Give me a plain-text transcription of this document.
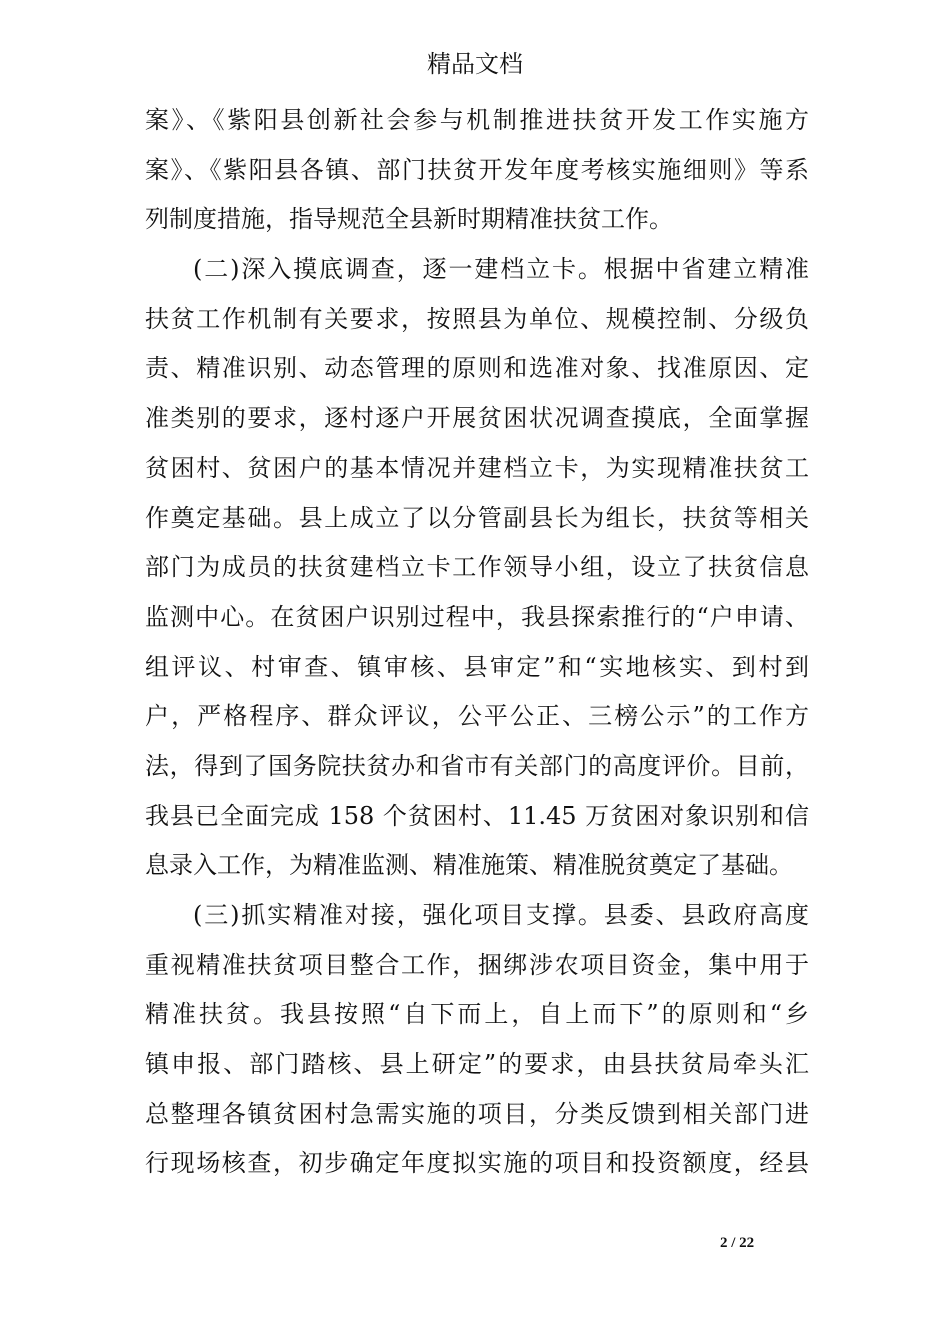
精品文档
案》、《紫阳县创新社会参与机制推进扶贫开发工作实施方
案》、《紫阳县各镇、部门扶贫开发年度考核实施细则》等系
列制度措施，指导规范全县新时期精准扶贫工作。
(二)深入摸底调查，逐一建档立卡。根据中省建立精准
扶贫工作机制有关要求，按照县为单位、规模控制、分级负
责、精准识别、动态管理的原则和选准对象、找准原因、定
准类别的要求，逐村逐户开展贫困状况调查摸底，全面掌握
贫困村、贫困户的基本情况并建档立卡，为实现精准扶贫工
作奠定基础。县上成立了以分管副县长为组长，扶贫等相关
部门为成员的扶贫建档立卡工作领导小组，设立了扶贫信息
监测中心。在贫困户识别过程中，我县探索推行的“户申请、
组评议、村审查、镇审核、县审定”和“实地核实、到村到
户，严格程序、群众评议，公平公正、三榜公示”的工作方
法，得到了国务院扶贫办和省市有关部门的高度评价。目前，
我县已全面完成 158 个贫困村、11.45 万贫困对象识别和信
息录入工作，为精准监测、精准施策、精准脱贫奠定了基础。
(三)抓实精准对接，强化项目支撑。县委、县政府高度
重视精准扶贫项目整合工作，捆绑涉农项目资金，集中用于
精准扶贫。我县按照“自下而上，自上而下”的原则和“乡
镇申报、部门踏核、县上研定”的要求，由县扶贫局牵头汇
总整理各镇贫困村急需实施的项目，分类反馈到相关部门进
行现场核查，初步确定年度拟实施的项目和投资额度，经县
2 / 22
